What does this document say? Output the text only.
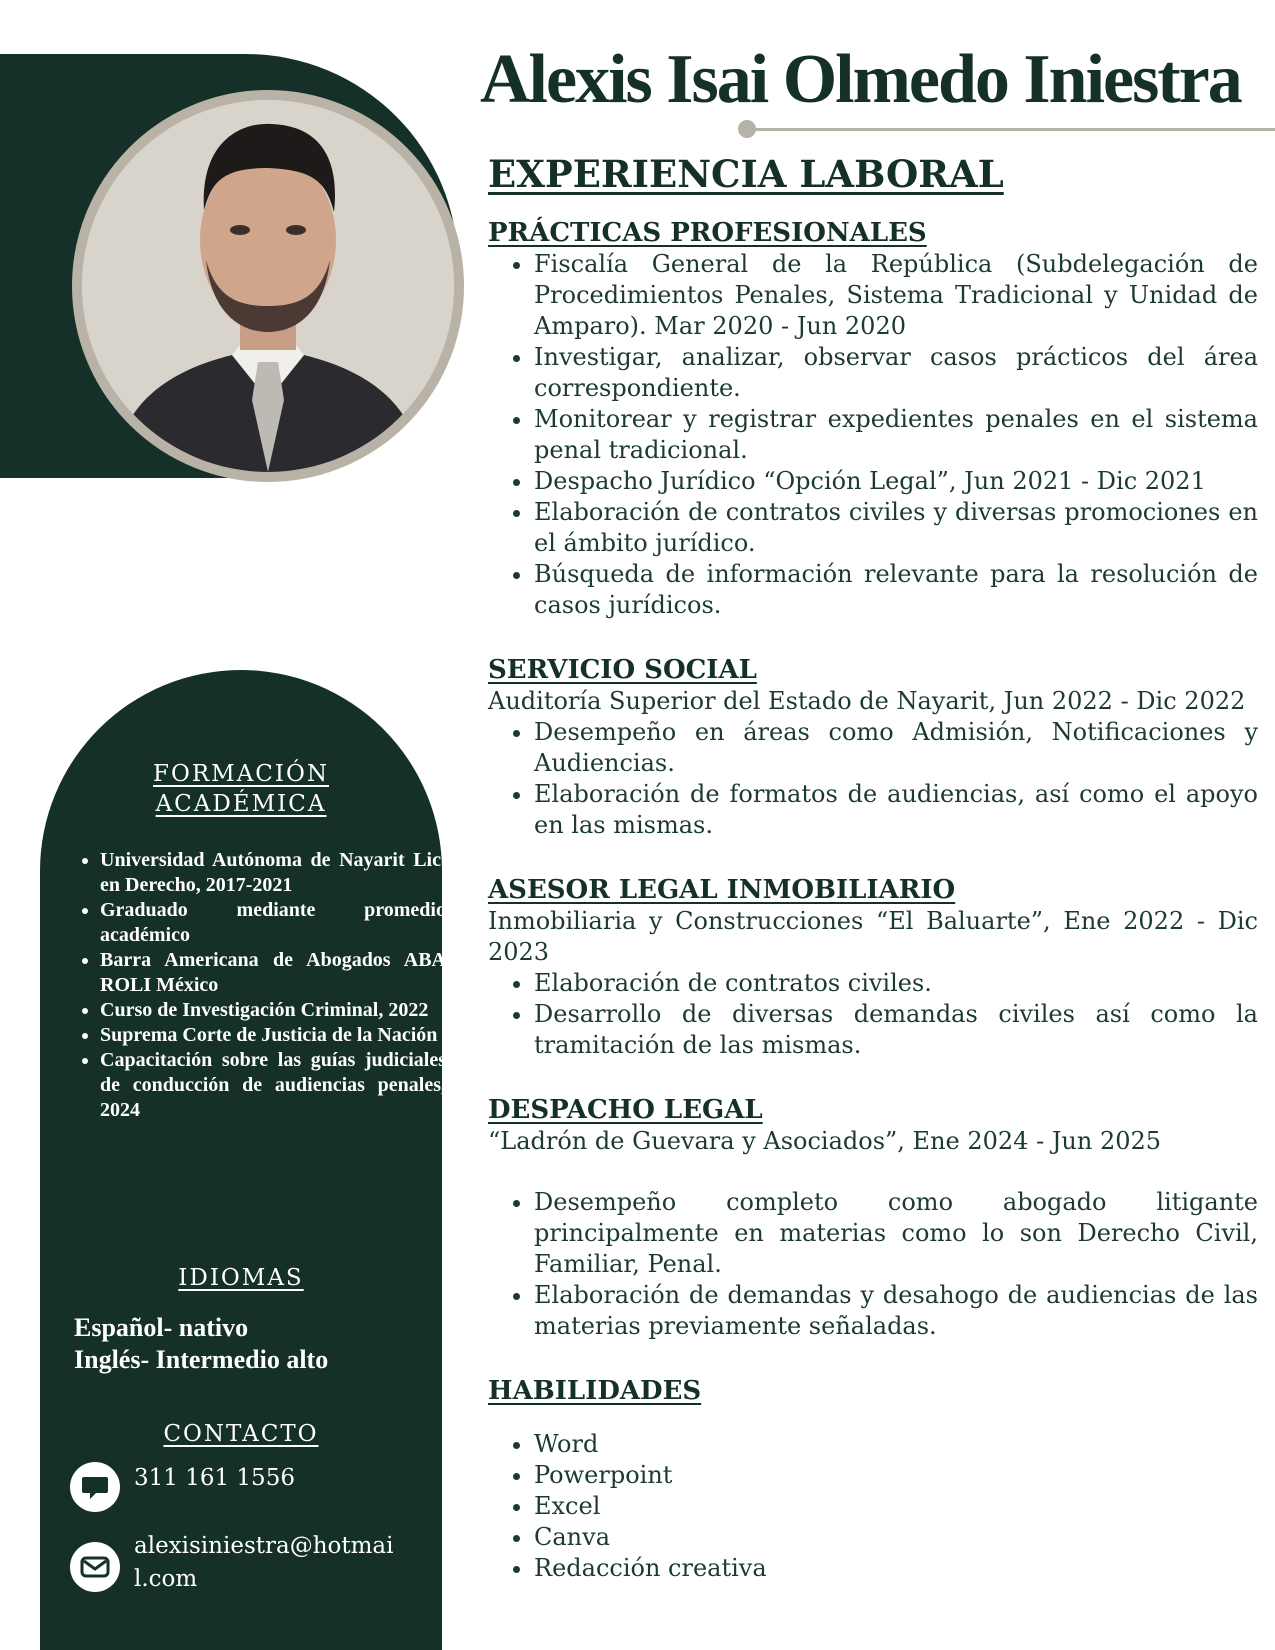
Alexis Isai Olmedo Iniestra
EXPERIENCIA LABORAL
PRÁCTICAS PROFESIONALES
• Fiscalía General de la República (Subdelegación de Procedimientos Penales, Sistema Tradicional y Unidad de Amparo). Mar 2020 - Jun 2020
• Investigar, analizar, observar casos prácticos del área correspondiente.
• Monitorear y registrar expedientes penales en el sistema penal tradicional.
• Despacho Jurídico “Opción Legal”, Jun 2021 - Dic 2021
• Elaboración de contratos civiles y diversas promociones en el ámbito jurídico.
• Búsqueda de información relevante para la resolución de casos jurídicos.
SERVICIO SOCIAL

Auditoría Superior del Estado de Nayarit, Jun 2022 - Dic 2022

• Desempeño en áreas como Admisión, Notificaciones y Audiencias.
• Elaboración de formatos de audiencias, así como el apoyo en las mismas.
ASESOR LEGAL INMOBILIARIO

Inmobiliaria y Construcciones “El Baluarte”, Ene 2022 - Dic 2023

• Elaboración de contratos civiles.
• Desarrollo de diversas demandas civiles así como la tramitación de las mismas.
DESPACHO LEGAL

“Ladrón de Guevara y Asociados”, Ene 2024 - Jun 2025

• Desempeño completo como abogado litigante principalmente en materias como lo son Derecho Civil, Familiar, Penal.
• Elaboración de demandas y desahogo de audiencias de las materias previamente señaladas.
HABILIDADES
• Word
• Powerpoint
• Excel
• Canva
• Redacción creativa
FORMACIÓN
ACADÉMICA
• Universidad Autónoma de Nayarit Lic. en Derecho, 2017-2021
• Graduado mediante promedio académico
• Barra Americana de Abogados ABA ROLI México
• Curso de Investigación Criminal, 2022
• Suprema Corte de Justicia de la Nación
• Capacitación sobre las guías judiciales de conducción de audiencias penales, 2024
IDIOMAS
Español- nativo
Inglés- Intermedio alto
CONTACTO
311 161 1556
alexisiniestra@hotmail.com
